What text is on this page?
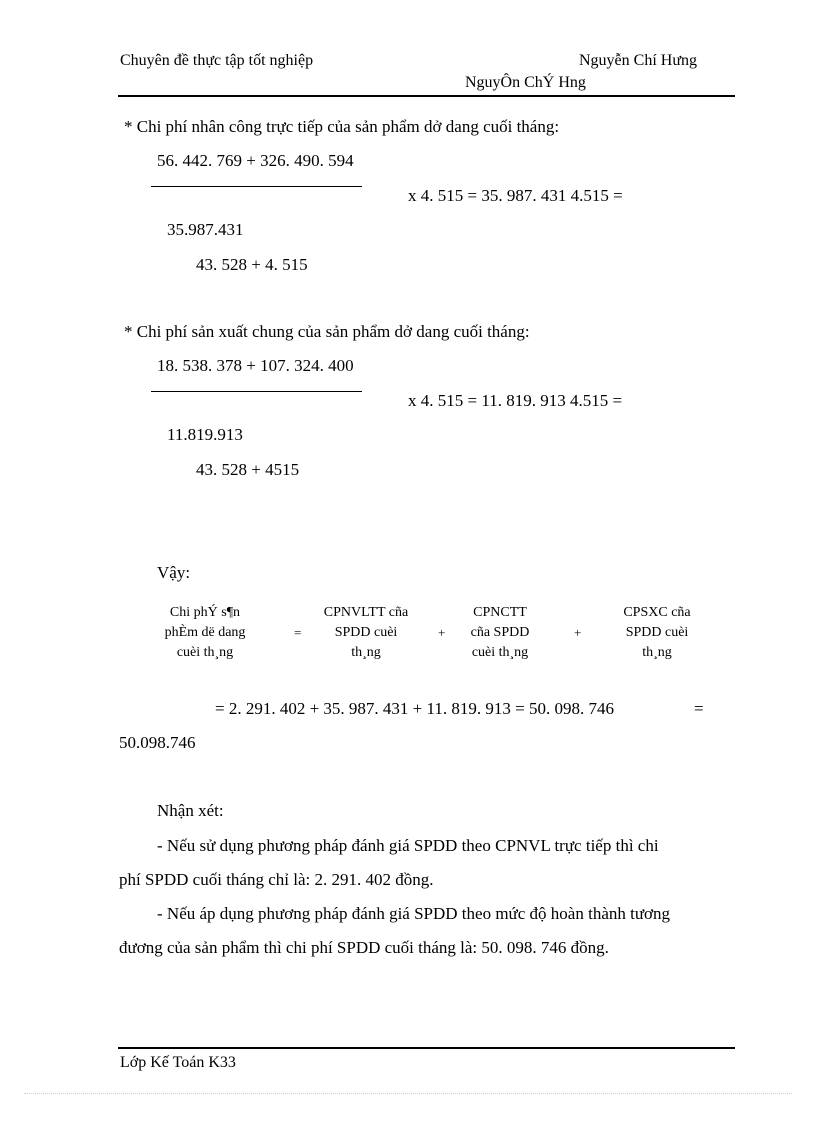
Chuyên đề thực tập tốt nghiệp	Nguyễn Chí Hưng
NguyÔn ChÝ Hng
* Chi phí nhân công trực tiếp của sản phẩm dở dang cuối tháng:
56. 442. 769 + 326. 490. 594
x 4. 515 = 35. 987. 431 4.515 =
35.987.431
43. 528 + 4. 515
* Chi phí sản xuất chung của sản phẩm dở dang cuối tháng:
18. 538. 378 + 107. 324. 400
x 4. 515 = 11. 819. 913 4.515 =
11.819.913
43. 528 + 4515
Vậy:
Chi phÝ s¶n
phÈm dë dang
cuèi th¸ng
=
CPNVLTT cña
SPDD cuèi
th¸ng
+
CPNCTT
cña SPDD
cuèi th¸ng
+
CPSXC cña
SPDD cuèi
th¸ng
= 2. 291. 402 + 35. 987. 431 + 11. 819. 913 = 50. 098. 746	=
50.098.746
Nhận xét:
- Nếu sử dụng phương pháp đánh giá SPDD theo CPNVL trực tiếp thì chi
phí SPDD cuối tháng chỉ là: 2. 291. 402 đồng.
- Nếu áp dụng phương pháp đánh giá SPDD theo mức độ hoàn thành tương
đương của sản phẩm thì chi phí SPDD cuối tháng là: 50. 098. 746 đồng.
Lớp Kế Toán K33
